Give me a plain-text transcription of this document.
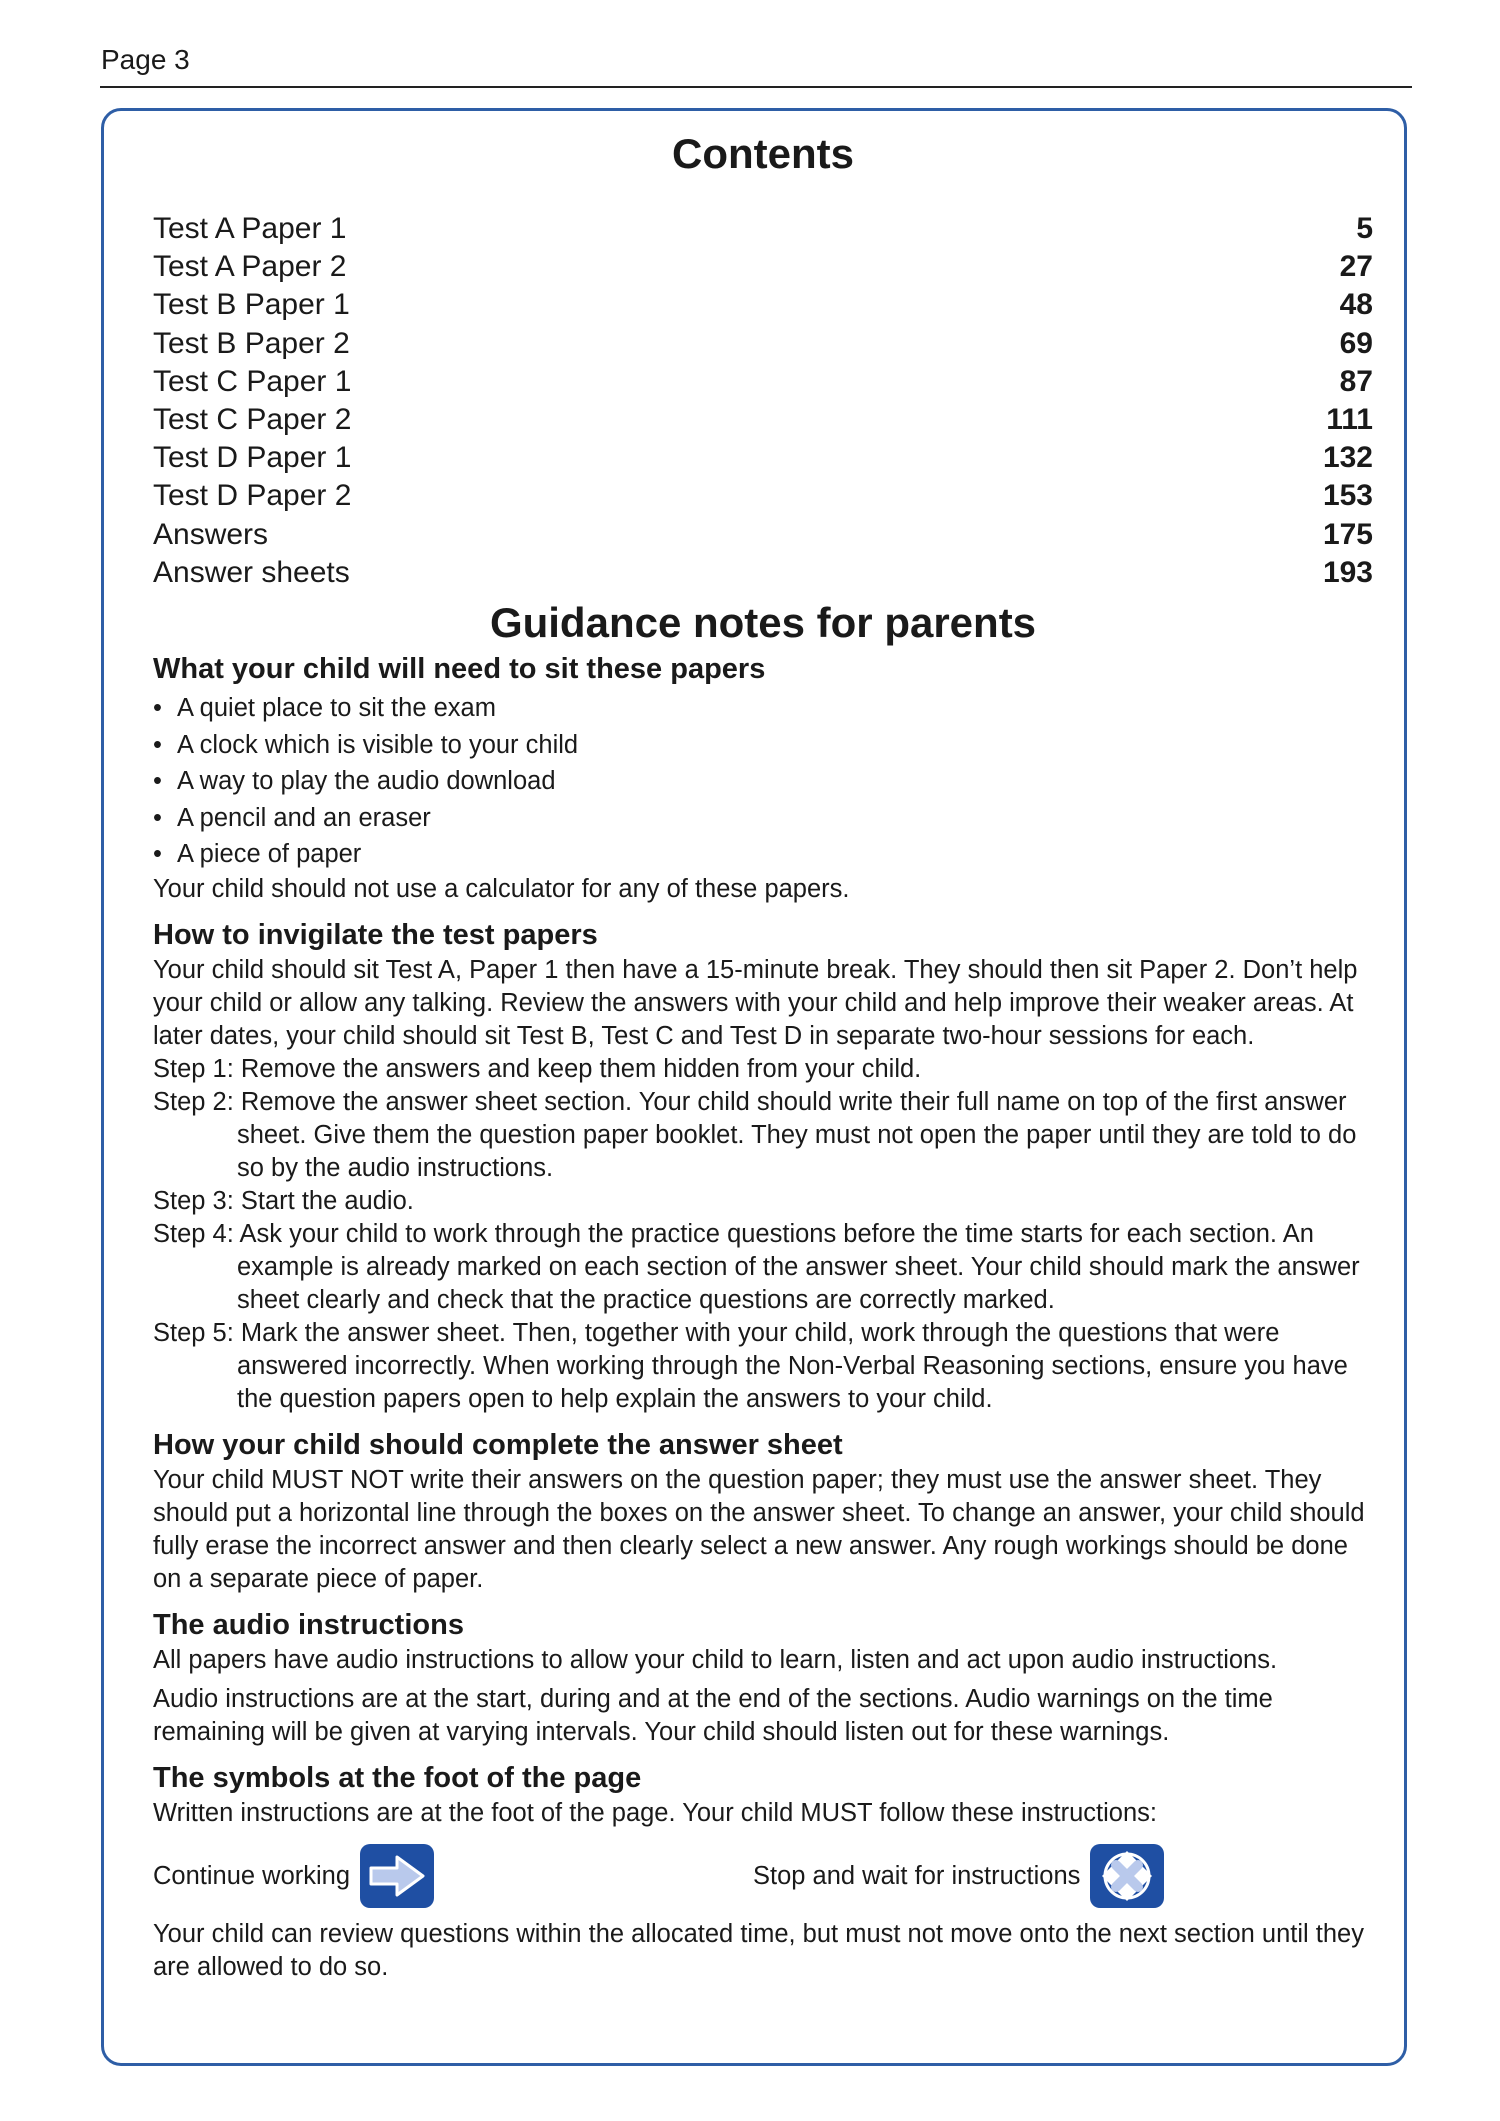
Page 3
Contents
Test A Paper 1	5
Test A Paper 2	27
Test B Paper 1	48
Test B Paper 2	69
Test C Paper 1	87
Test C Paper 2	111
Test D Paper 1	132
Test D Paper 2	153
Answers	175
Answer sheets	193
Guidance notes for parents
What your child will need to sit these papers
• A quiet place to sit the exam
• A clock which is visible to your child
• A way to play the audio download
• A pencil and an eraser
• A piece of paper

Your child should not use a calculator for any of these papers.

How to invigilate the test papers

Your child should sit Test A, Paper 1 then have a 15-minute break. They should then sit Paper 2. Don’t help your child or allow any talking. Review the answers with your child and help improve their weaker areas. At later dates, your child should sit Test B, Test C and Test D in separate two-hour sessions for each.

Step 1: Remove the answers and keep them hidden from your child.

Step 2: Remove the answer sheet section. Your child should write their full name on top of the first answer sheet. Give them the question paper booklet. They must not open the paper until they are told to do so by the audio instructions.

Step 3: Start the audio.

Step 4: Ask your child to work through the practice questions before the time starts for each section. An example is already marked on each section of the answer sheet. Your child should mark the answer sheet clearly and check that the practice questions are correctly marked.

Step 5: Mark the answer sheet. Then, together with your child, work through the questions that were answered incorrectly. When working through the Non-Verbal Reasoning sections, ensure you have the question papers open to help explain the answers to your child.

How your child should complete the answer sheet

Your child MUST NOT write their answers on the question paper; they must use the answer sheet. They should put a horizontal line through the boxes on the answer sheet. To change an answer, your child should fully erase the incorrect answer and then clearly select a new answer. Any rough workings should be done on a separate piece of paper.

The audio instructions

All papers have audio instructions to allow your child to learn, listen and act upon audio instructions.

Audio instructions are at the start, during and at the end of the sections. Audio warnings on the time remaining will be given at varying intervals. Your child should listen out for these warnings.

The symbols at the foot of the page

Written instructions are at the foot of the page. Your child MUST follow these instructions:

Continue working	Stop and wait for instructions

Your child can review questions within the allocated time, but must not move onto the next section until they are allowed to do so.
